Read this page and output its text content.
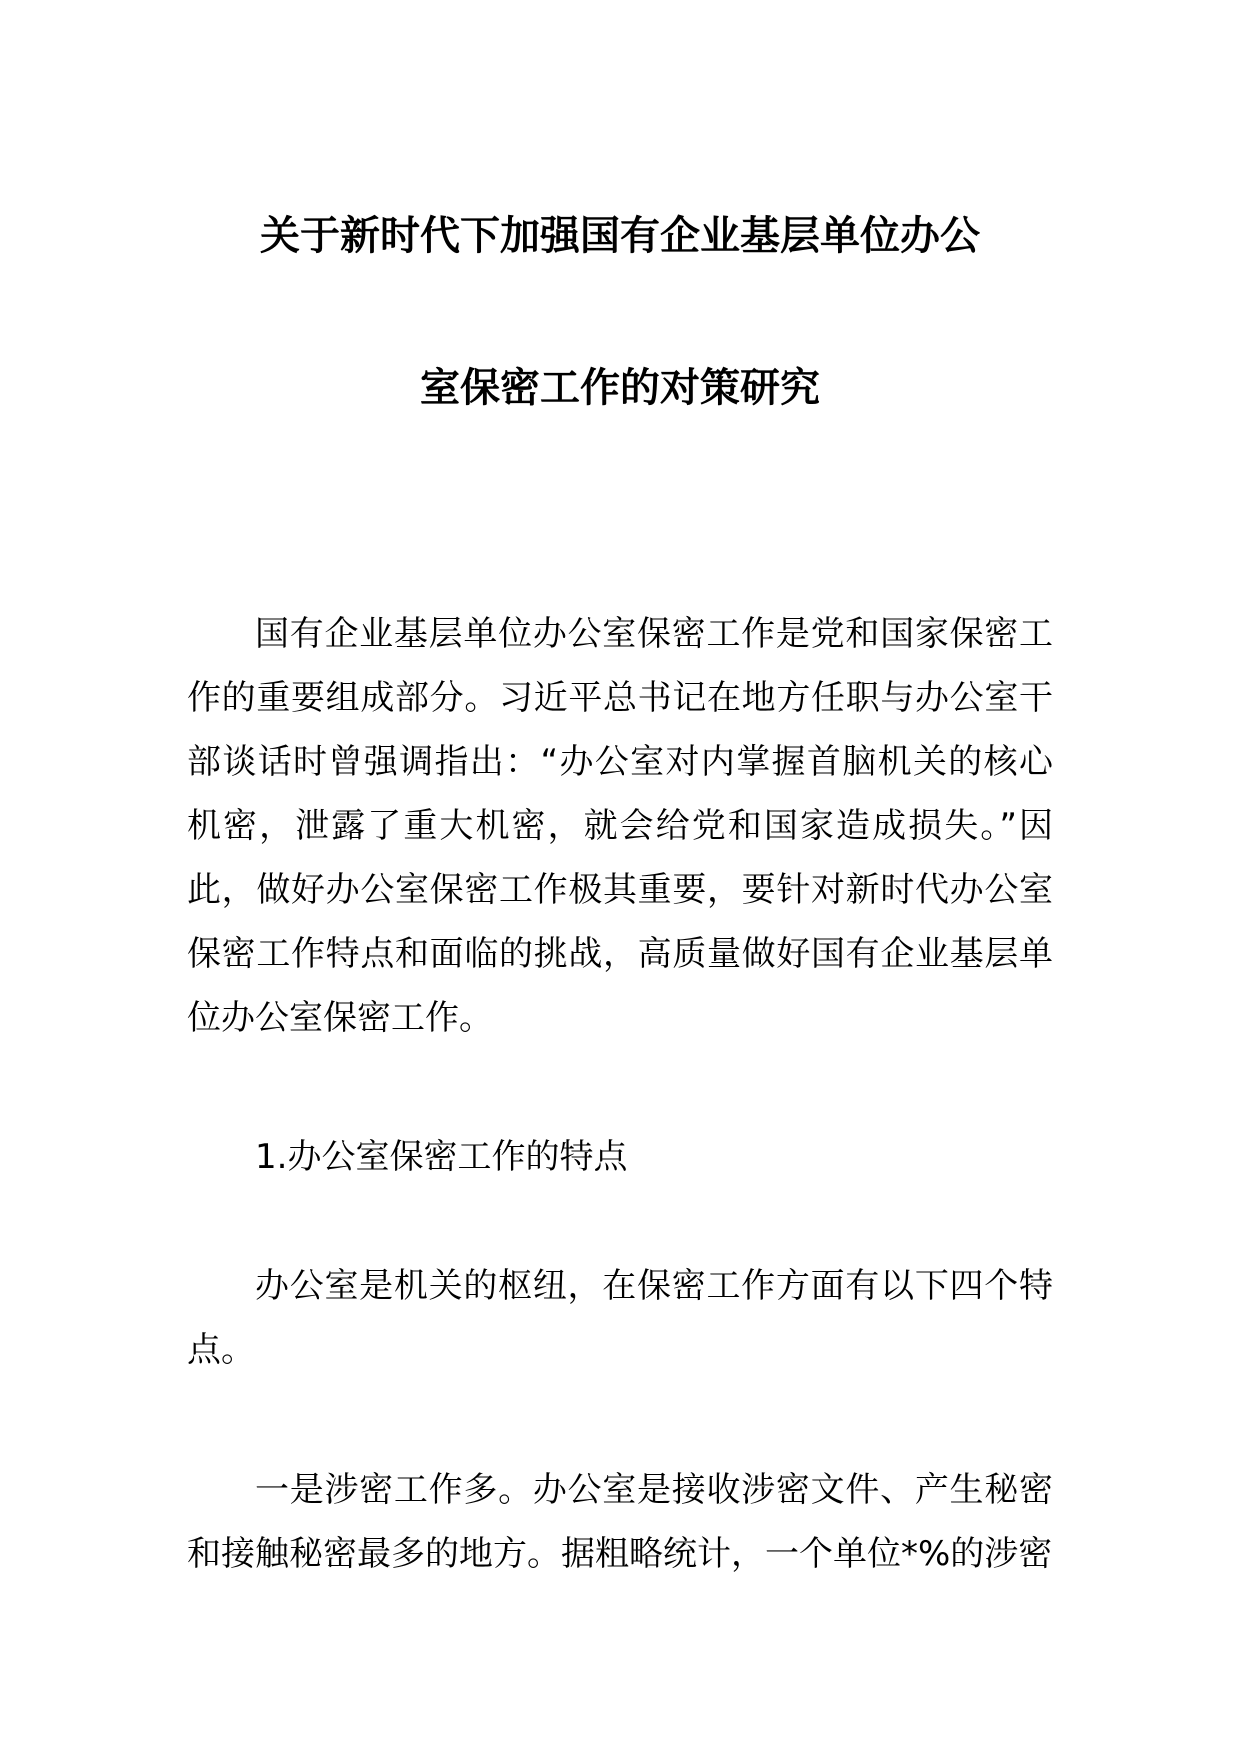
关于新时代下加强国有企业基层单位办公
室保密工作的对策研究

国有企业基层单位办公室保密工作是党和国家保密工作的重要组成部分。习近平总书记在地方任职与办公室干部谈话时曾强调指出：“办公室对内掌握首脑机关的核心机密，泄露了重大机密，就会给党和国家造成损失。”因此，做好办公室保密工作极其重要，要针对新时代办公室保密工作特点和面临的挑战，高质量做好国有企业基层单位办公室保密工作。

1.办公室保密工作的特点

办公室是机关的枢纽，在保密工作方面有以下四个特点。

一是涉密工作多。办公室是接收涉密文件、产生秘密和接触秘密最多的地方。据粗略统计，一个单位*%的涉密
